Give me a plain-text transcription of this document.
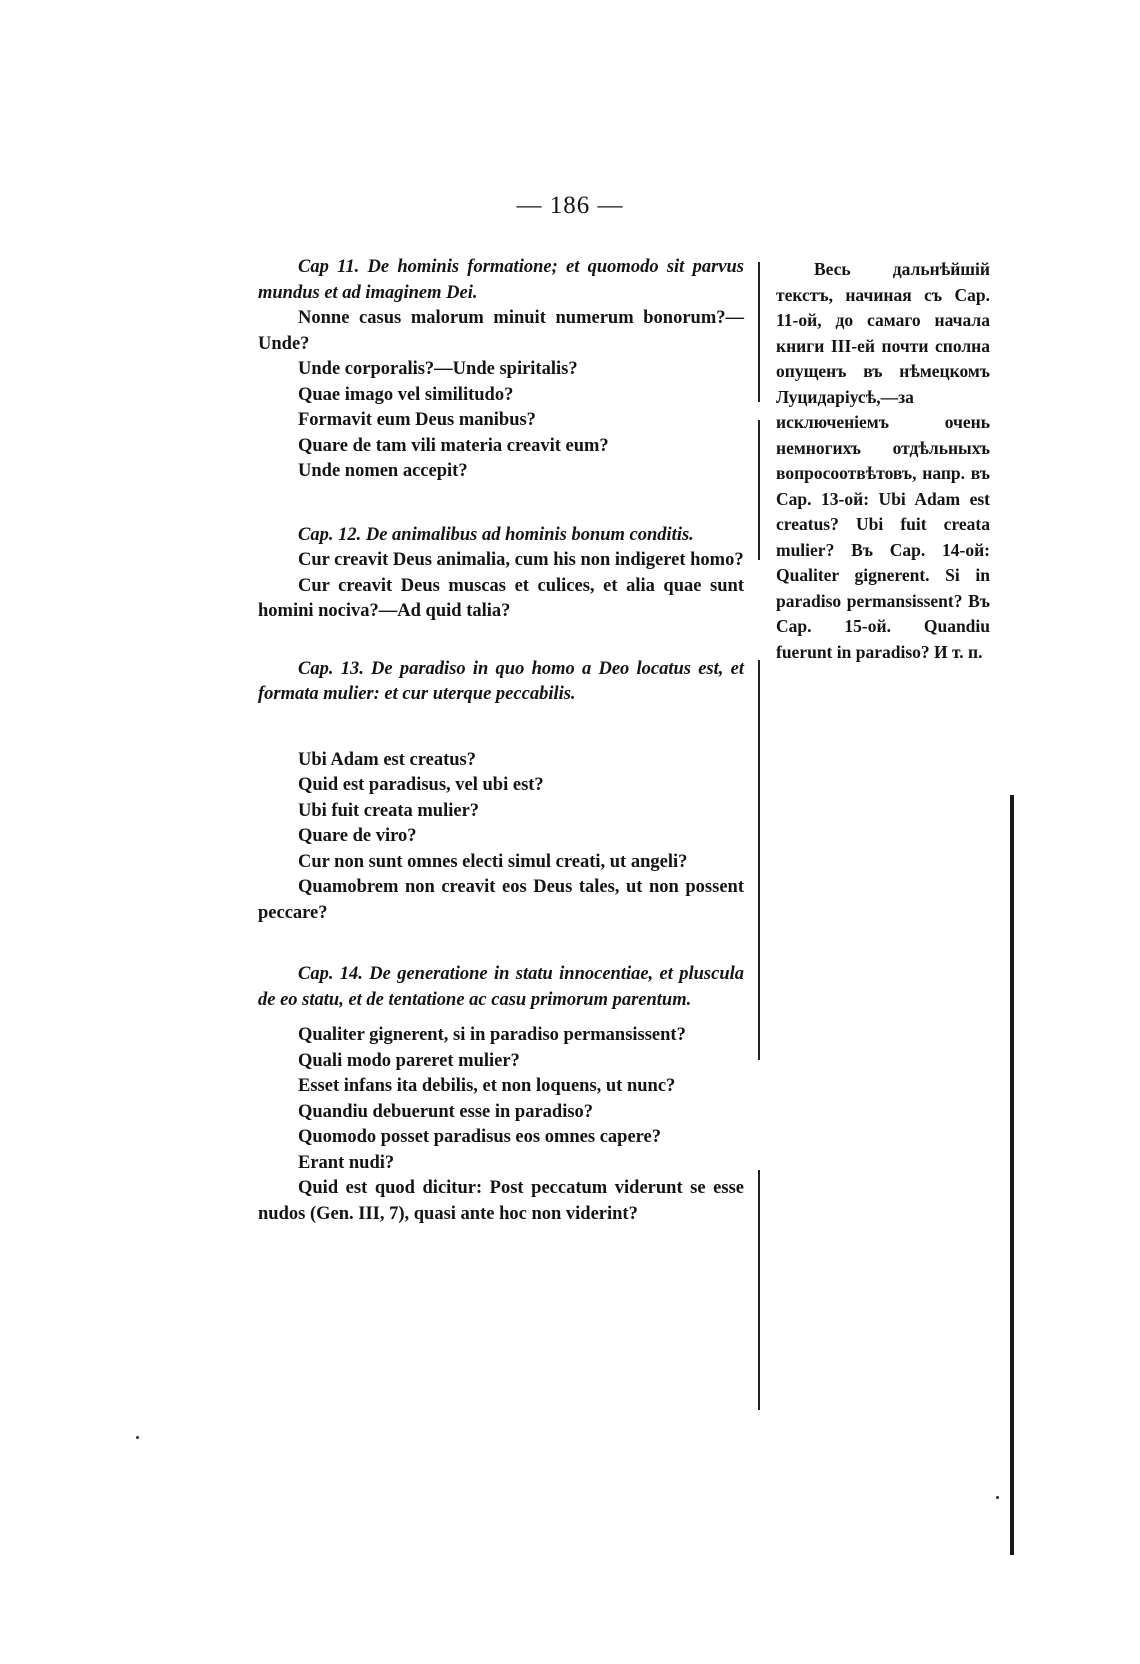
— 186 —

Cap 11. De hominis formatione; et quomodo sit parvus mundus et ad imaginem Dei.

Nonne casus malorum minuit numerum bonorum?—Unde?

Unde corporalis?—Unde spiritalis?

Quae imago vel similitudo?

Formavit eum Deus manibus?

Quare de tam vili materia creavit eum?

Unde nomen accepit?

Cap. 12. De animalibus ad hominis bonum conditis.

Cur creavit Deus animalia, cum his non indigeret homo?

Cur creavit Deus muscas et culices, et alia quae sunt homini nociva?—Ad quid talia?

Cap. 13. De paradiso in quo homo a Deo locatus est, et formata mulier: et cur uterque peccabilis.

Ubi Adam est creatus?

Quid est paradisus, vel ubi est?

Ubi fuit creata mulier?

Quare de viro?

Cur non sunt omnes electi simul creati, ut angeli?

Quamobrem non creavit eos Deus tales, ut non possent peccare?

Cap. 14. De generatione in statu innocentiae, et pluscula de eo statu, et de tentatione ac casu primorum parentum.

Qualiter gignerent, si in paradiso permansissent?

Quali modo pareret mulier?

Esset infans ita debilis, et non loquens, ut nunc?

Quandiu debuerunt esse in paradiso?

Quomodo posset paradisus eos omnes capere?

Erant nudi?

Quid est quod dicitur: Post peccatum viderunt se esse nudos (Gen. III, 7), quasi ante hoc non viderint?

Весь дальнѣйшій текстъ, начиная съ Cap. 11-ой, до самаго начала книги III-ей почти сполна опущенъ въ нѣмецкомъ Луцидаріусѣ,—за исключеніемъ очень немногихъ отдѣльныхъ вопросоотвѣтовъ, напр. въ Cap. 13-ой: Ubi Adam est creatus? Ubi fuit creata mulier? Въ Cap. 14-ой: Qualiter gignerent. Si in paradiso permansissent? Въ Cap. 15-ой. Quandiu fuerunt in paradiso? И т. п.
